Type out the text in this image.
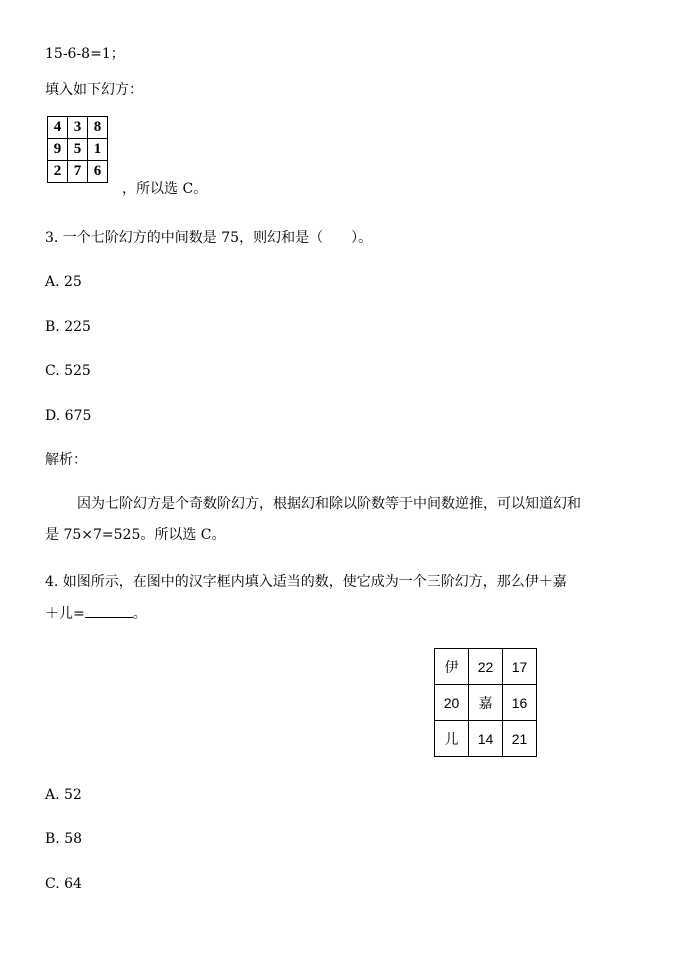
15-6-8=1；
填入如下幻方：
4	3	8
9	5	1
2	7	6
，所以选 C。
3. 一个七阶幻方的中间数是 75，则幻和是（　　）。
A. 25
B. 225
C. 525
D. 675
解析：
因为七阶幻方是个奇数阶幻方，根据幻和除以阶数等于中间数逆推，可以知道幻和
是 75×7=525。所以选 C。
4. 如图所示，在图中的汉字框内填入适当的数，使它成为一个三阶幻方，那么伊＋嘉
＋儿=	。
伊	22	17
20	嘉	16
儿	14	21
A. 52
B. 58
C. 64
